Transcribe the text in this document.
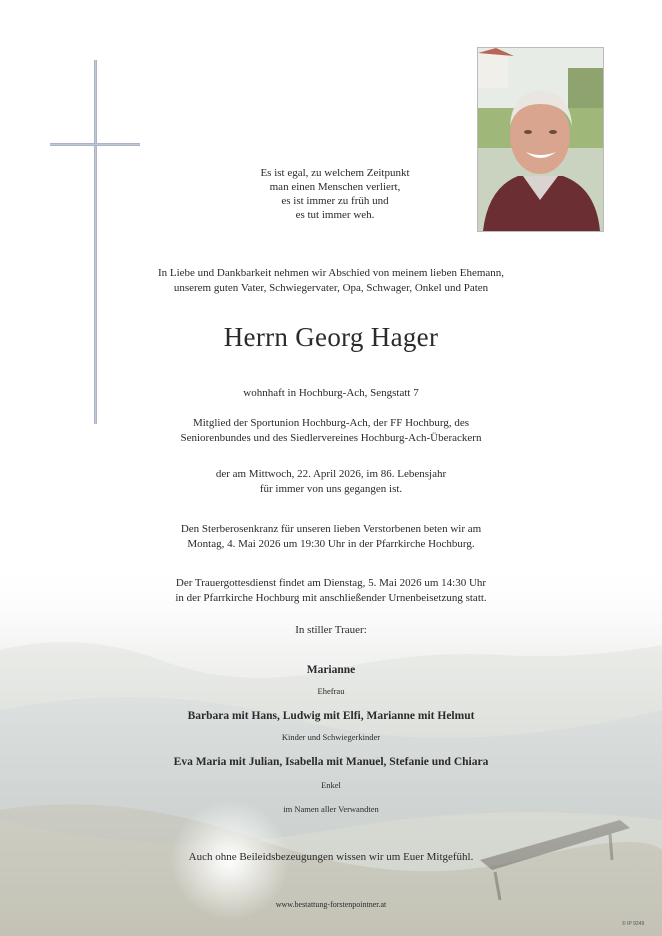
Es ist egal, zu welchem Zeitpunkt
man einen Menschen verliert,
es ist immer zu früh und
es tut immer weh.
In Liebe und Dankbarkeit nehmen wir Abschied von meinem lieben Ehemann,
unserem guten Vater, Schwiegervater, Opa, Schwager, Onkel und Paten
Herrn Georg Hager
wohnhaft in Hochburg-Ach, Sengstatt 7
Mitglied der Sportunion Hochburg-Ach, der FF Hochburg, des
Seniorenbundes und des Siedlervereines Hochburg-Ach-Überackern
der am Mittwoch, 22. April 2026, im 86. Lebensjahr
für immer von uns gegangen ist.
Den Sterberosenkranz für unseren lieben Verstorbenen beten wir am
Montag, 4. Mai 2026 um 19:30 Uhr in der Pfarrkirche Hochburg.
Der Trauergottesdienst findet am Dienstag, 5. Mai 2026 um 14:30 Uhr
in der Pfarrkirche Hochburg mit anschließender Urnenbeisetzung statt.
In stiller Trauer:
Marianne
Ehefrau
Barbara mit Hans, Ludwig mit Elfi, Marianne mit Helmut
Kinder und Schwiegerkinder
Eva Maria mit Julian, Isabella mit Manuel, Stefanie und Chiara
Enkel
im Namen aller Verwandten
Auch ohne Beileidsbezeugungen wissen wir um Euer Mitgefühl.
www.bestattung-forstenpointner.at
© IP 9249
